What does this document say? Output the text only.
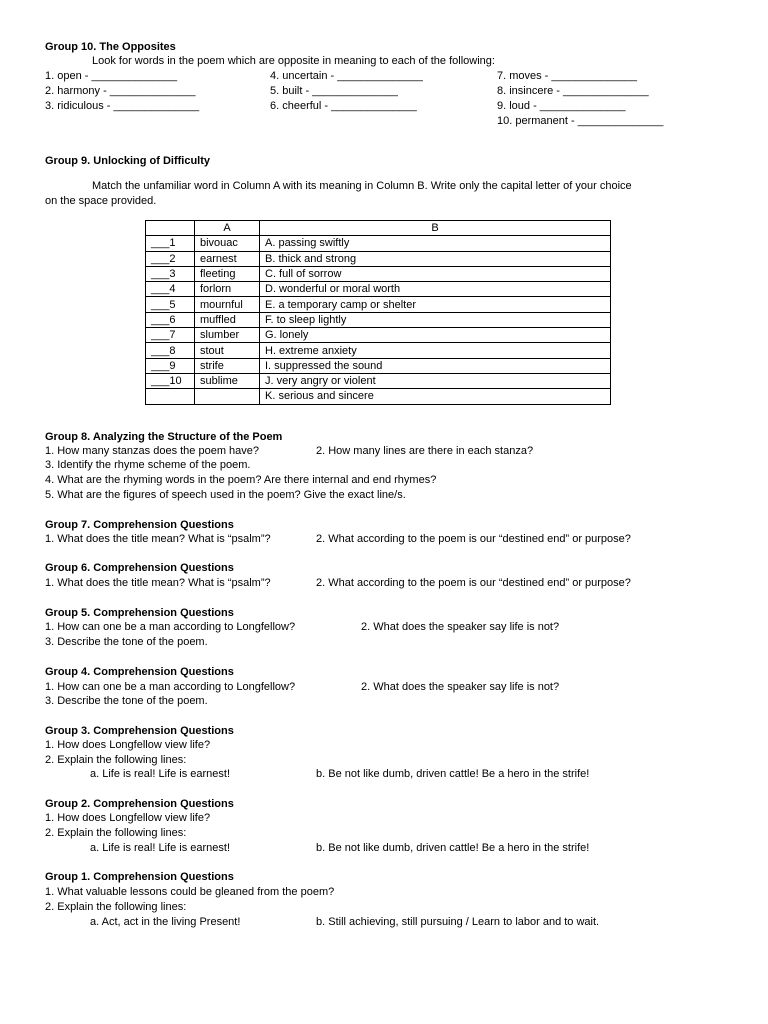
Group 10. The Opposites
Look for words in the poem which are opposite in meaning to each of the following:
1. open - ______________	4. uncertain - ______________	7. moves - ______________
2. harmony - ______________	5. built - ______________	8. insincere - ______________
3. ridiculous - ______________	6. cheerful - ______________	9. loud - ______________
10. permanent - ______________
Group 9. Unlocking of Difficulty
Match the unfamiliar word in Column A with its meaning in Column B. Write only the capital letter of your choice
on the space provided.
	A	B
___1	bivouac	A. passing swiftly
___2	earnest	B. thick and strong
___3	fleeting	C. full of sorrow
___4	forlorn	D. wonderful or moral worth
___5	mournful	E. a temporary camp or shelter
___6	muffled	F. to sleep lightly
___7	slumber	G. lonely
___8	stout	H. extreme anxiety
___9	strife	I. suppressed the sound
___10	sublime	J. very angry or violent
		K. serious and sincere
Group 8. Analyzing the Structure of the Poem
1. How many stanzas does the poem have?	2. How many lines are there in each stanza?
3. Identify the rhyme scheme of the poem.
4. What are the rhyming words in the poem? Are there internal and end rhymes?
5. What are the figures of speech used in the poem? Give the exact line/s.
Group 7. Comprehension Questions
1. What does the title mean? What is “psalm”?	2. What according to the poem is our “destined end” or purpose?
Group 6. Comprehension Questions
1. What does the title mean? What is “psalm”?	2. What according to the poem is our “destined end” or purpose?
Group 5. Comprehension Questions
1. How can one be a man according to Longfellow?	2. What does the speaker say life is not?
3. Describe the tone of the poem.
Group 4. Comprehension Questions
1. How can one be a man according to Longfellow?	2. What does the speaker say life is not?
3. Describe the tone of the poem.
Group 3. Comprehension Questions
1. How does Longfellow view life?
2. Explain the following lines:
a. Life is real! Life is earnest!	b. Be not like dumb, driven cattle! Be a hero in the strife!
Group 2. Comprehension Questions
1. How does Longfellow view life?
2. Explain the following lines:
a. Life is real! Life is earnest!	b. Be not like dumb, driven cattle! Be a hero in the strife!
Group 1. Comprehension Questions
1. What valuable lessons could be gleaned from the poem?
2. Explain the following lines:
a. Act, act in the living Present!	b. Still achieving, still pursuing / Learn to labor and to wait.
